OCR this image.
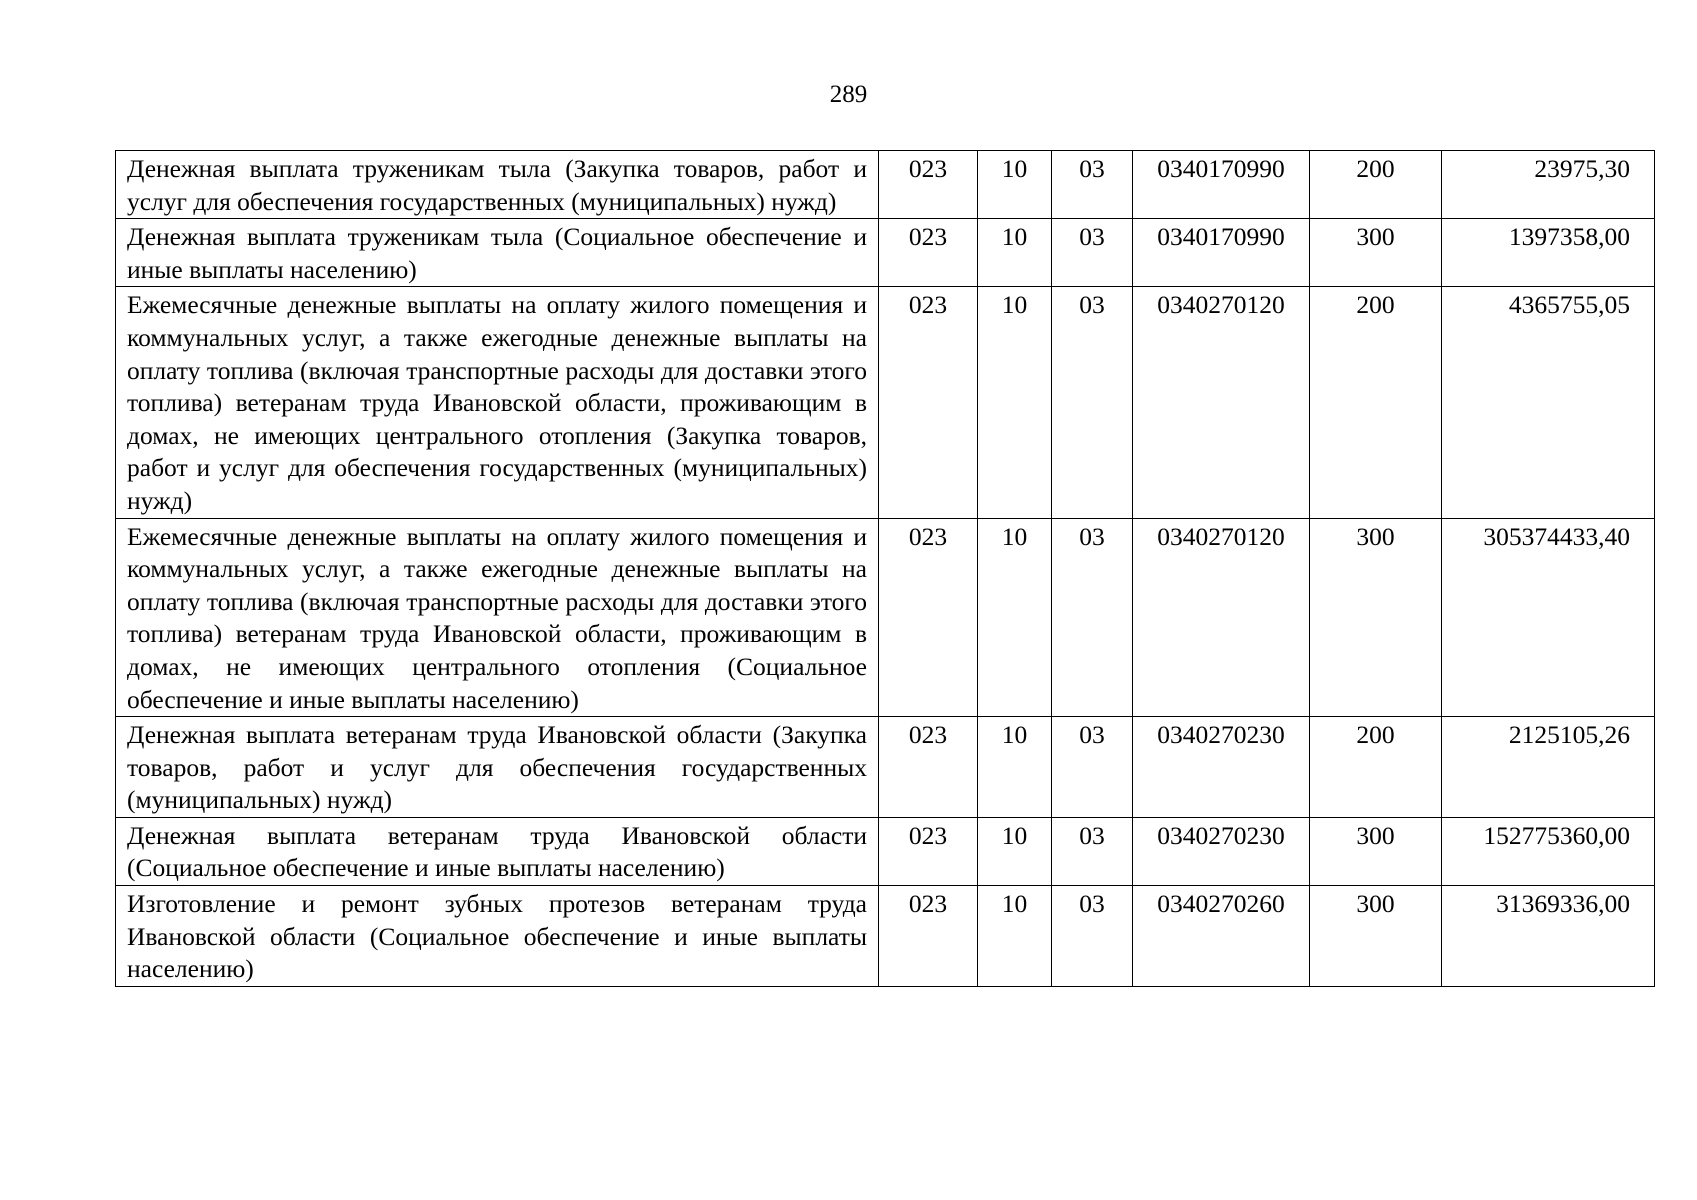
289
Денежная выплата труженикам тыла (Закупка товаров, работ и услуг для обеспечения государственных (муниципальных) нужд)	023	10	03	0340170990	200	23975,30
Денежная выплата труженикам тыла (Социальное обеспечение и иные выплаты населению)	023	10	03	0340170990	300	1397358,00
Ежемесячные денежные выплаты на оплату жилого помещения и коммунальных услуг, а также ежегодные денежные выплаты на оплату топлива (включая транспортные расходы для доставки этого топлива) ветеранам труда Ивановской области, проживающим в домах, не имеющих центрального отопления (Закупка товаров, работ и услуг для обеспечения государственных (муниципальных) нужд)	023	10	03	0340270120	200	4365755,05
Ежемесячные денежные выплаты на оплату жилого помещения и коммунальных услуг, а также ежегодные денежные выплаты на оплату топлива (включая транспортные расходы для доставки этого топлива) ветеранам труда Ивановской области, проживающим в домах, не имеющих центрального отопления (Социальное обеспечение и иные выплаты населению)	023	10	03	0340270120	300	305374433,40
Денежная выплата ветеранам труда Ивановской области (Закупка товаров, работ и услуг для обеспечения государственных (муниципальных) нужд)	023	10	03	0340270230	200	2125105,26
Денежная выплата ветеранам труда Ивановской области (Социальное обеспечение и иные выплаты населению)	023	10	03	0340270230	300	152775360,00
Изготовление и ремонт зубных протезов ветеранам труда Ивановской области (Социальное обеспечение и иные выплаты населению)	023	10	03	0340270260	300	31369336,00
